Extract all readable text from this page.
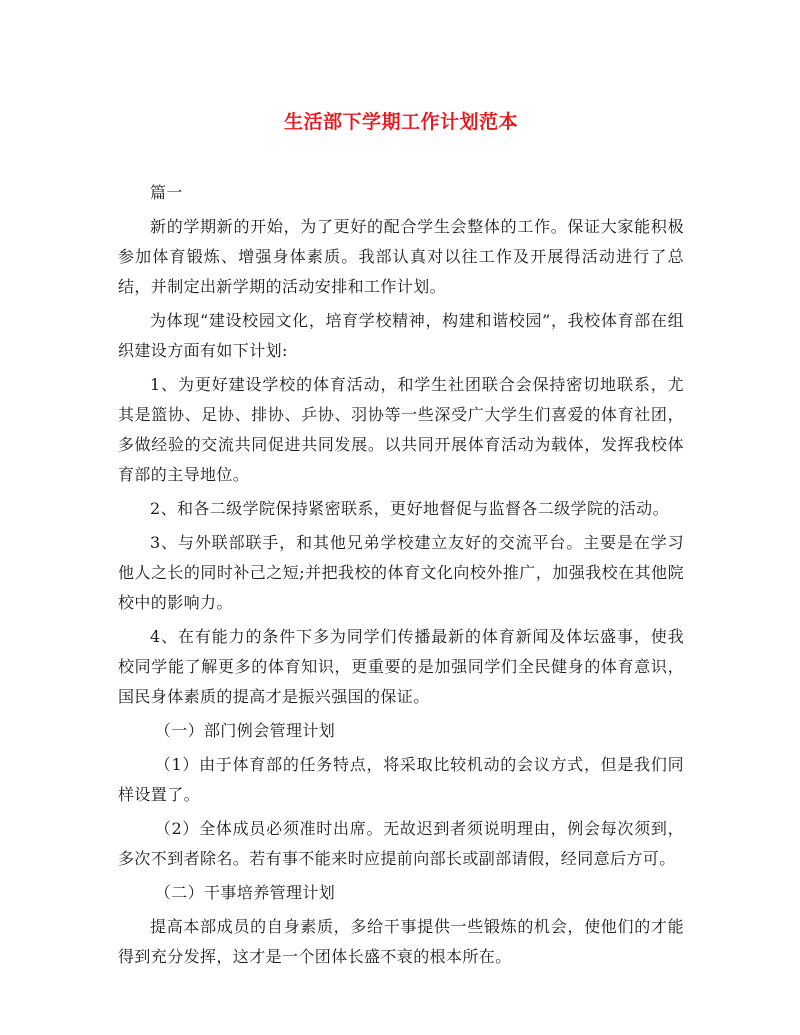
生活部下学期工作计划范本

篇一

新的学期新的开始，为了更好的配合学生会整体的工作。保证大家能积极参加体育锻炼、增强身体素质。我部认真对以往工作及开展得活动进行了总结，并制定出新学期的活动安排和工作计划。

为体现“建设校园文化，培育学校精神，构建和谐校园”，我校体育部在组织建设方面有如下计划:

1、为更好建设学校的体育活动，和学生社团联合会保持密切地联系，尤其是篮协、足协、排协、乒协、羽协等一些深受广大学生们喜爱的体育社团，多做经验的交流共同促进共同发展。以共同开展体育活动为载体，发挥我校体育部的主导地位。

2、和各二级学院保持紧密联系，更好地督促与监督各二级学院的活动。

3、与外联部联手，和其他兄弟学校建立友好的交流平台。主要是在学习他人之长的同时补己之短;并把我校的体育文化向校外推广，加强我校在其他院校中的影响力。

4、在有能力的条件下多为同学们传播最新的体育新闻及体坛盛事，使我校同学能了解更多的体育知识，更重要的是加强同学们全民健身的体育意识，国民身体素质的提高才是振兴强国的保证。

（一）部门例会管理计划

（1）由于体育部的任务特点，将采取比较机动的会议方式，但是我们同样设置了。

（2）全体成员必须准时出席。无故迟到者须说明理由，例会每次须到，多次不到者除名。若有事不能来时应提前向部长或副部请假，经同意后方可。

（二）干事培养管理计划

提高本部成员的自身素质，多给干事提供一些锻炼的机会，使他们的才能得到充分发挥，这才是一个团体长盛不衰的根本所在。
